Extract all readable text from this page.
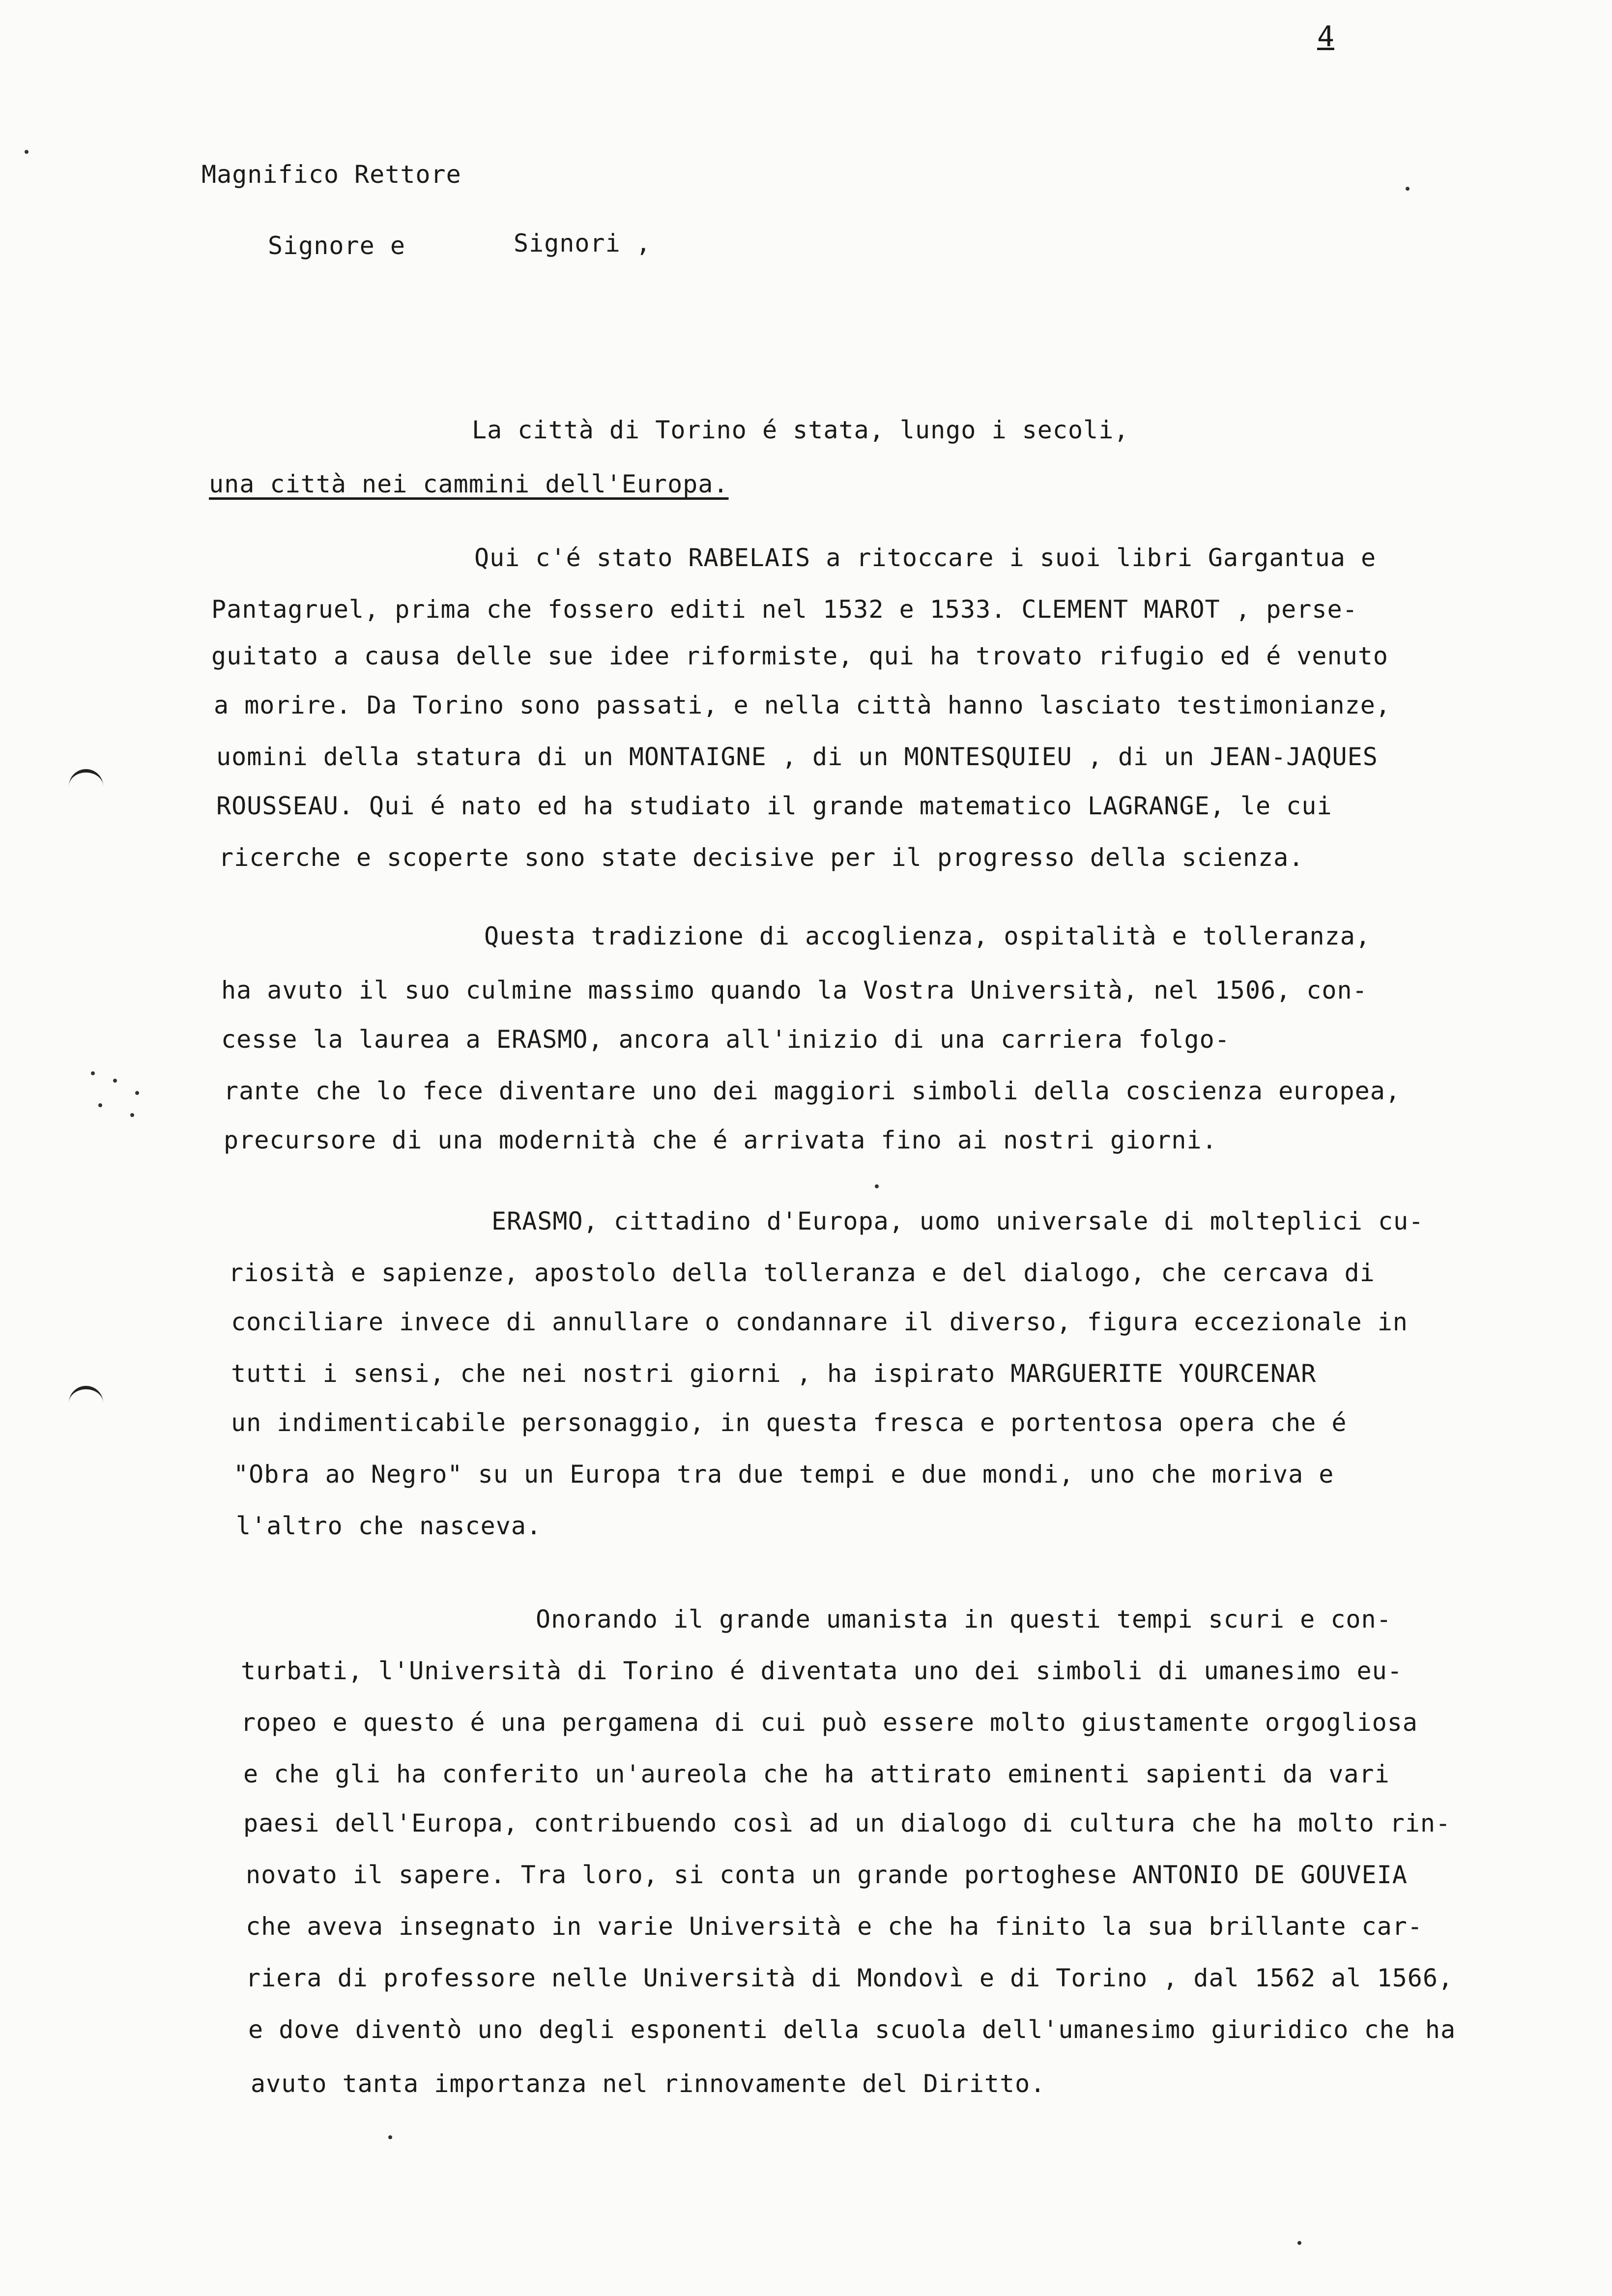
4
Magnifico Rettore
Signore e	Signori ,
La città di Torino é stata, lungo i secoli,
una città nei cammini dell'Europa.
Qui c'é stato RABELAIS a ritoccare i suoi libri Gargantua e
Pantagruel, prima che fossero editi nel 1532 e 1533. CLEMENT MAROT , perse-
guitato a causa delle sue idee riformiste, qui ha trovato rifugio ed é venuto
a morire. Da Torino sono passati, e nella città hanno lasciato testimonianze,
uomini della statura di un MONTAIGNE , di un MONTESQUIEU , di un JEAN-JAQUES
ROUSSEAU. Qui é nato ed ha studiato il grande matematico LAGRANGE, le cui
ricerche e scoperte sono state decisive per il progresso della scienza.
Questa tradizione di accoglienza, ospitalità e tolleranza,
ha avuto il suo culmine massimo quando la Vostra Università, nel 1506, con-
cesse la laurea a ERASMO, ancora all'inizio di una carriera folgo-
rante che lo fece diventare uno dei maggiori simboli della coscienza europea,
precursore di una modernità che é arrivata fino ai nostri giorni.
ERASMO, cittadino d'Europa, uomo universale di molteplici cu-
riosità e sapienze, apostolo della tolleranza e del dialogo, che cercava di
conciliare invece di annullare o condannare il diverso, figura eccezionale in
tutti i sensi, che nei nostri giorni , ha ispirato MARGUERITE YOURCENAR
un indimenticabile personaggio, in questa fresca e portentosa opera che é
"Obra ao Negro" su un Europa tra due tempi e due mondi, uno che moriva e
l'altro che nasceva.
Onorando il grande umanista in questi tempi scuri e con-
turbati, l'Università di Torino é diventata uno dei simboli di umanesimo eu-
ropeo e questo é una pergamena di cui può essere molto giustamente orgogliosa
e che gli ha conferito un'aureola che ha attirato eminenti sapienti da vari
paesi dell'Europa, contribuendo così ad un dialogo di cultura che ha molto rin-
novato il sapere. Tra loro, si conta un grande portoghese ANTONIO DE GOUVEIA
che aveva insegnato in varie Università e che ha finito la sua brillante car-
riera di professore nelle Università di Mondovì e di Torino , dal 1562 al 1566,
e dove diventò uno degli esponenti della scuola dell'umanesimo giuridico che ha
avuto tanta importanza nel rinnovamente del Diritto.
